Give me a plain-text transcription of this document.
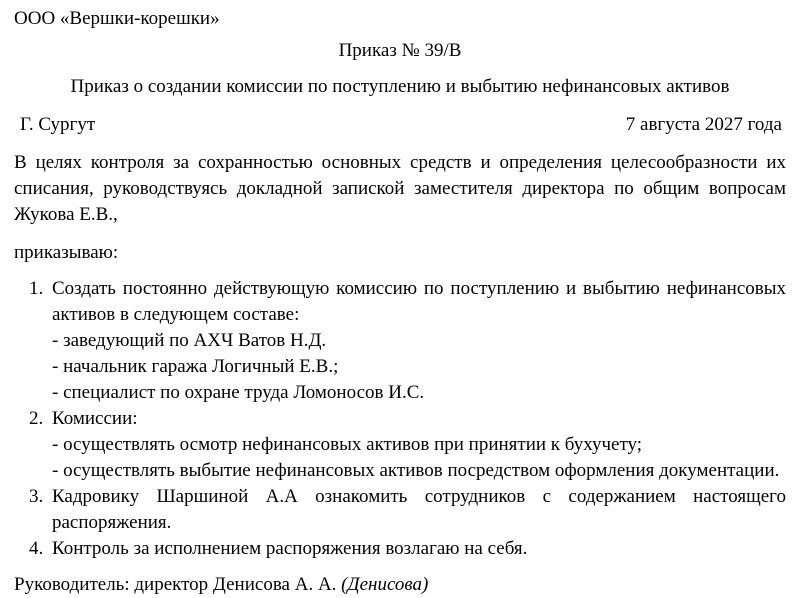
ООО «Вершки-корешки»
Приказ № 39/В
Приказ о создании комиссии по поступлению и выбытию нефинансовых активов
Г. Сургут	7 августа 2027 года
В целях контроля за сохранностью основных средств и определения целесообразности их списания, руководствуясь докладной запиской заместителя директора по общим вопросам Жукова Е.В.,
приказываю:
1. Создать постоянно действующую комиссию по поступлению и выбытию нефинансовых активов в следующем составе:
- заведующий по АХЧ Ватов Н.Д.
- начальник гаража Логичный Е.В.;
- специалист по охране труда Ломоносов И.С.
2. Комиссии:
- осуществлять осмотр нефинансовых активов при принятии к бухучету;
- осуществлять выбытие нефинансовых активов посредством оформления документации.
3. Кадровику Шаршиной А.А ознакомить сотрудников с содержанием настоящего распоряжения.
4. Контроль за исполнением распоряжения возлагаю на себя.
Руководитель: директор Денисова А. А. (Денисова)
